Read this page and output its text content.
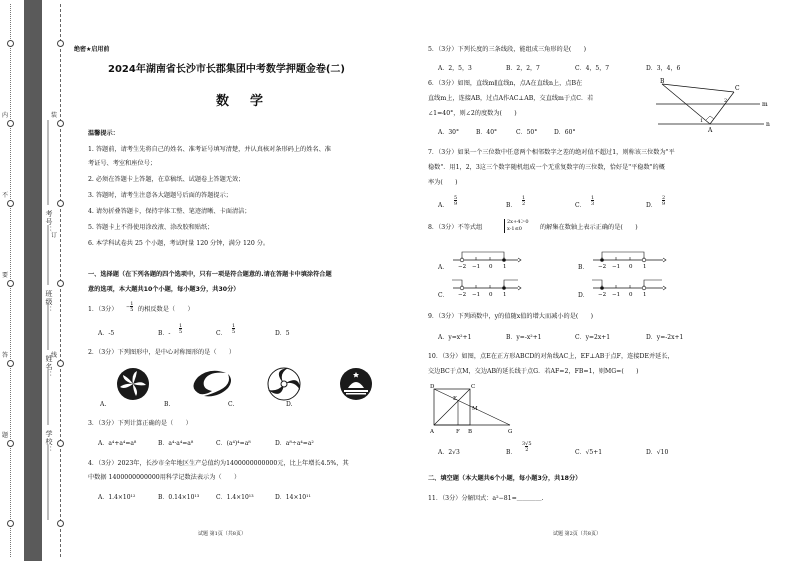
考号：
班级：
姓名：
学校：
装
订
线
内
不
要
答
题
绝密★启用前
2024年湖南省长沙市长郡集团中考数学押题金卷(二)
数　学
温馨提示：
1. 答题前，请考生先将自己的姓名、准考证号填写清楚，并认真核对条形码上的姓名、准
考证号、考室和座位号；
2. 必须在答题卡上答题，在草稿纸、试题卷上答题无效；
3. 答题时，请考生注意各大题题号后面的答题提示；
4. 请勿折叠答题卡，保持字体工整、笔迹清晰、卡面清洁；
5. 答题卡上不得使用涂改液、涂改胶和贴纸；
6. 本学科试卷共 25 个小题，考试时量 120 分钟，满分 120 分。
一、选择题（在下列各题的四个选项中，只有一项是符合题意的.请在答题卡中填涂符合题
意的选项，本大题共10个小题，每小题3分，共30分）
1．（3分） $-\frac{1}{5}$ 的相反数是（　　）
A．-5	B．-
1
5	C．
1
5	D．5
2．（3分）下列图形中，是中心对称图形的是（　　）
A.	B.	C.	D.
3．（3分）下列计算正确的是（　　）
A．a⁴+a⁴=a⁸	B．a⁴·a⁴=a⁸	C．(a⁴)⁴=a⁸	D．a⁸÷a⁴=a²
4．（3分）2023年，长沙市全年地区生产总值约为1400000000000元，比上年增长4.5%，其
中数据 1400000000000用科学记数法表示为（　　）
A．1.4×10¹²	B．0.14×10¹³	C．1.4×10¹³	D．14×10¹¹
试题 第1页（共8页）
5．（3分）下列长度的三条线段，能组成三角形的是(　　)
A．2，5，3	B．2，2，7	C．4，5，7	D．3，4，6
6．（3分）如图，直线m∥直线n，点A在直线n上，点B在
直线m上，连接AB，过点A作AC⊥AB，交直线m于点C．若
∠1=40°，则∠2的度数为(　　)
A．30°	B．40°	C．50°	D．60°
B
C
A
m
n
1
2
7．（3分）如果一个三位数中任意两个相邻数字之差的绝对值不超过1，则称该三位数为"平
稳数"．用1，2，3这三个数字随机组成一个无重复数字的三位数，恰好是"平稳数"的概
率为(　　)
A．
5
9	B．
1
2	C．
1
3	D．
2
9
8．（3分）不等式组
2x+4＞0
x-1≤0	的解集在数轴上表示正确的是(　　)
A．	B．
C．	D．
−2 −1 0 1	−2 −1 0 1
−2 −1 0 1	−2 −1 0 1
9．（3分）下列函数中，y的值随x值的增大而减小的是(　　)
A．y=x²+1	B．y=-x²+1	C．y=2x+1	D．y=-2x+1
10．（3分）如图，点E在正方形ABCD的对角线AC上，EF⊥AB于点F，连接DE并延长，
交边BC于点M，交边AB的延长线于点G．若AF=2，FB=1，则MG=(　　)
D	C
E
M
A	F B	G
A．2√3	B．
3√5
2	C．√5+1	D．√10
二、填空题（本大题共6个小题，每小题3分，共18分）
11．（3分）分解因式：a²−81=＿＿＿＿.
试题 第2页（共8页）
